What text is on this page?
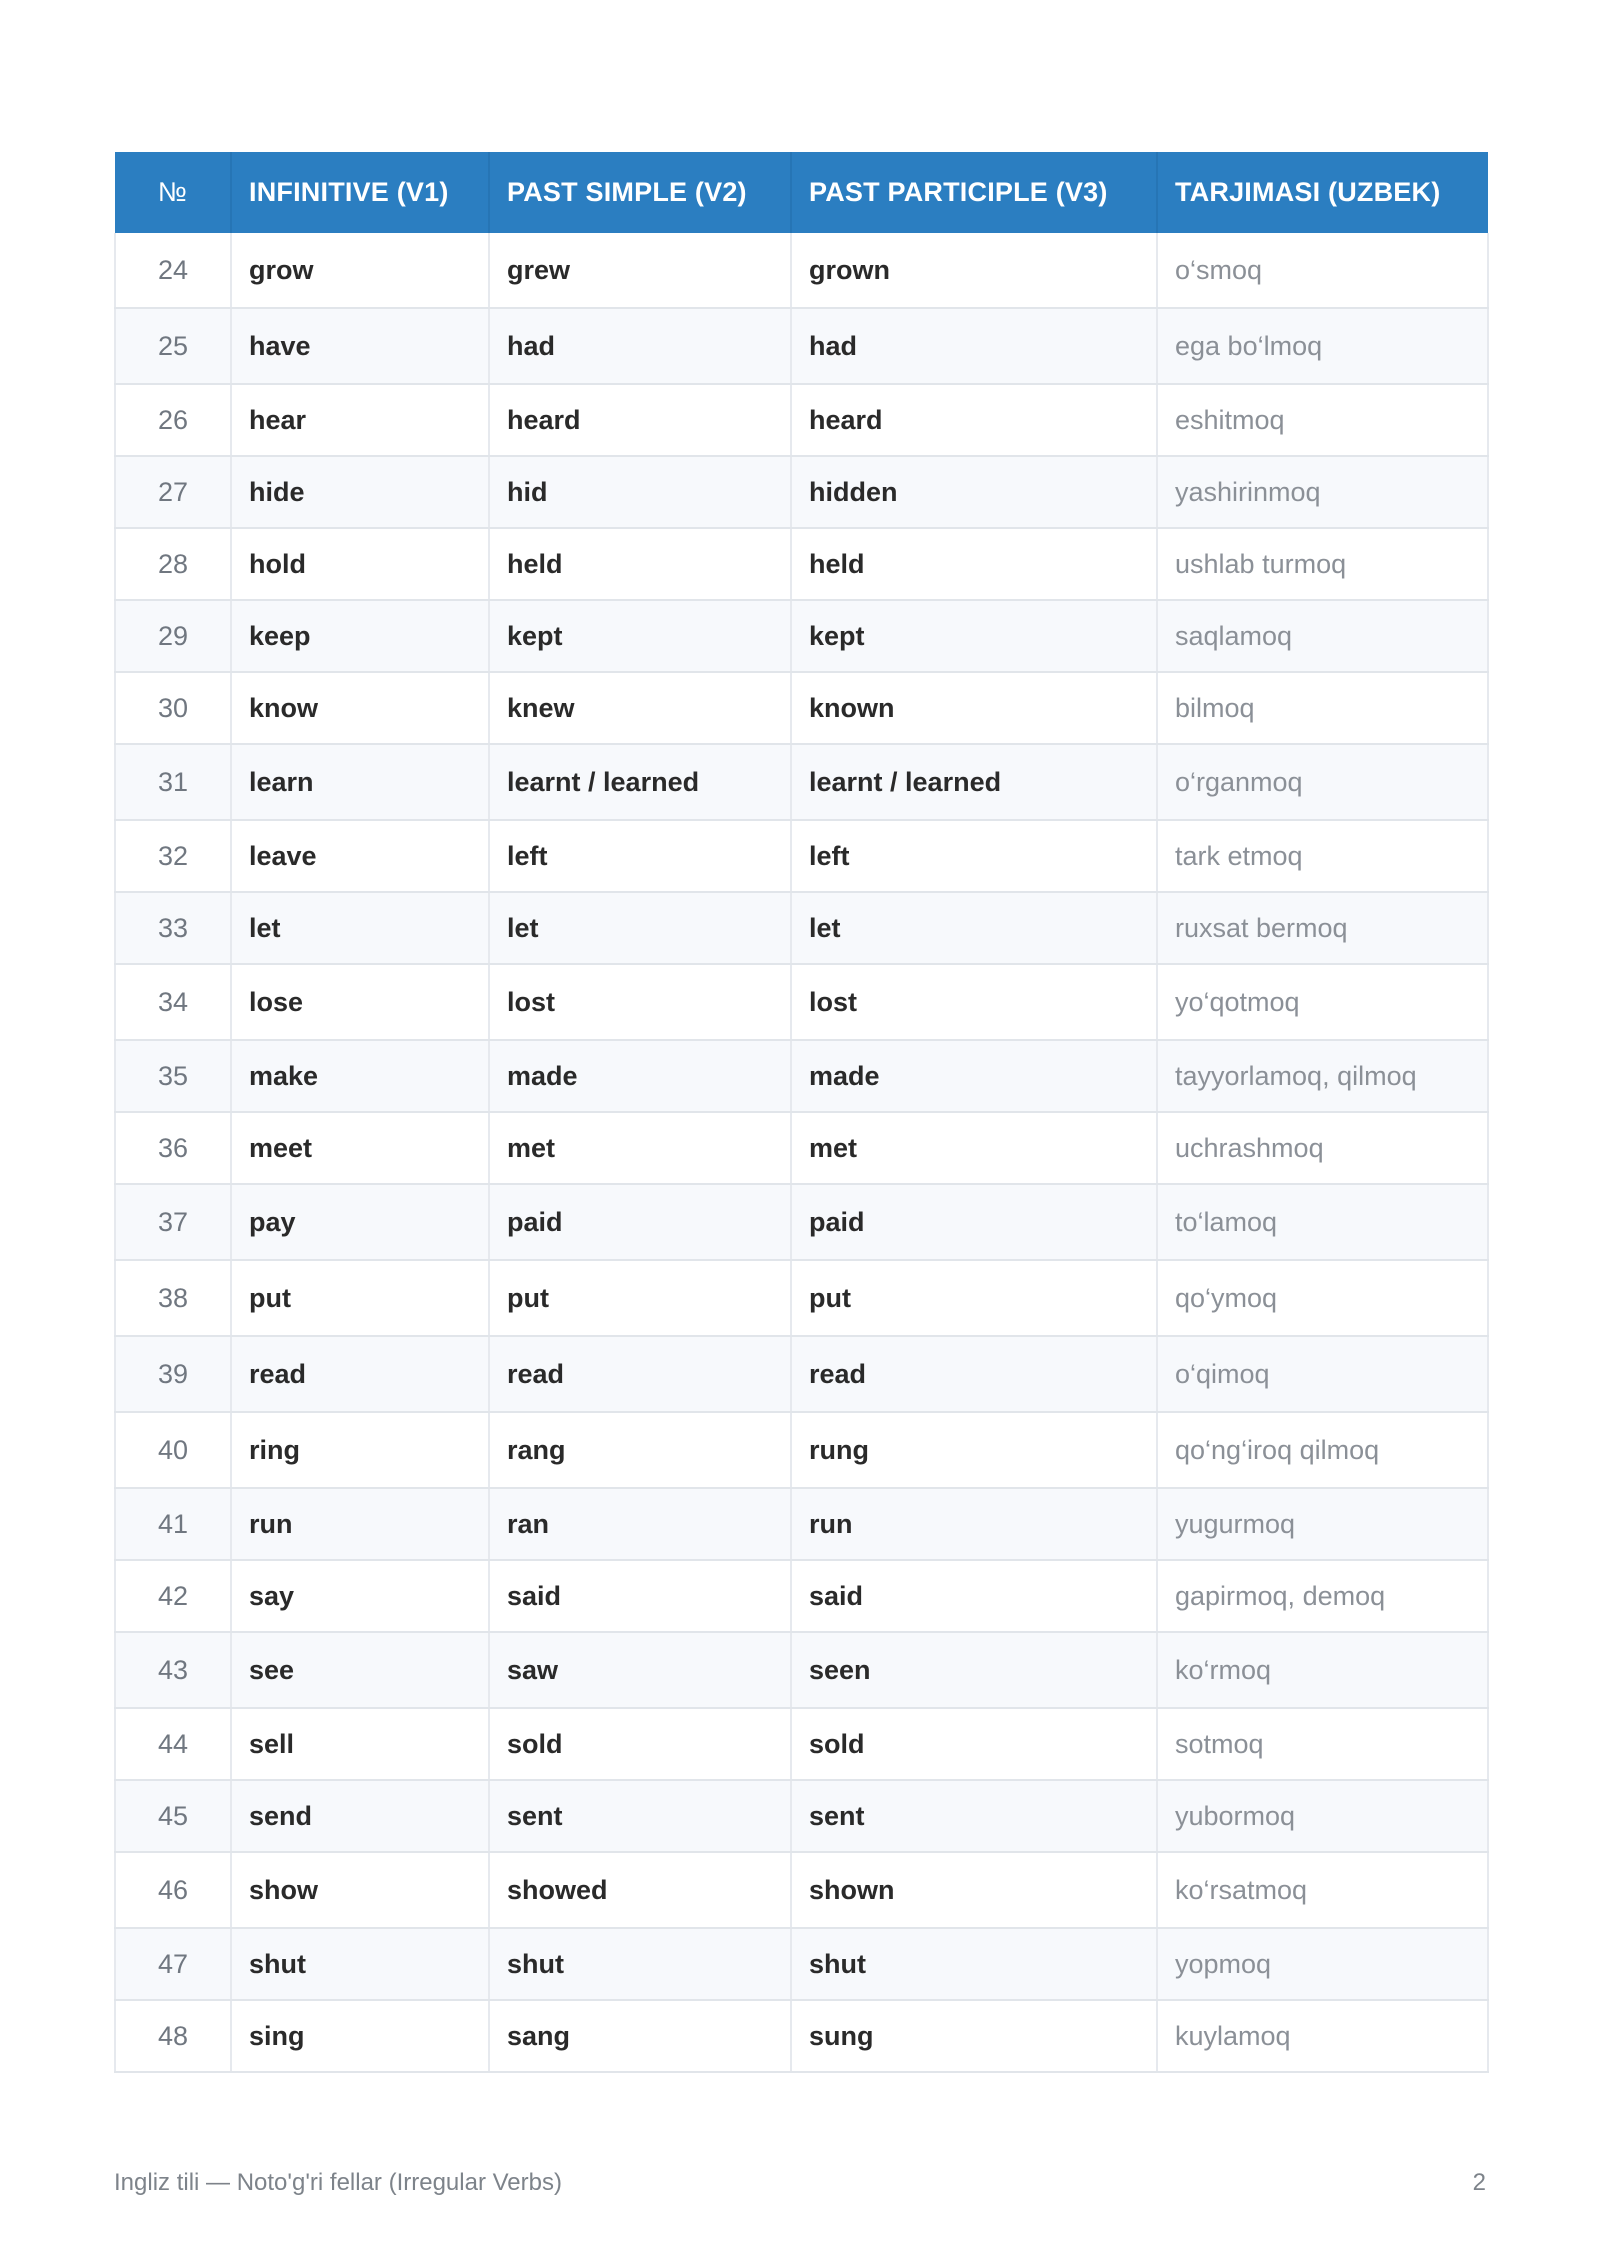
№	INFINITIVE (V1)	PAST SIMPLE (V2)	PAST PARTICIPLE (V3)	TARJIMASI (UZBEK)
24	grow	grew	grown	o‘smoq
25	have	had	had	ega bo‘lmoq
26	hear	heard	heard	eshitmoq
27	hide	hid	hidden	yashirinmoq
28	hold	held	held	ushlab turmoq
29	keep	kept	kept	saqlamoq
30	know	knew	known	bilmoq
31	learn	learnt / learned	learnt / learned	o‘rganmoq
32	leave	left	left	tark etmoq
33	let	let	let	ruxsat bermoq
34	lose	lost	lost	yo‘qotmoq
35	make	made	made	tayyorlamoq, qilmoq
36	meet	met	met	uchrashmoq
37	pay	paid	paid	to‘lamoq
38	put	put	put	qo‘ymoq
39	read	read	read	o‘qimoq
40	ring	rang	rung	qo‘ng‘iroq qilmoq
41	run	ran	run	yugurmoq
42	say	said	said	gapirmoq, demoq
43	see	saw	seen	ko‘rmoq
44	sell	sold	sold	sotmoq
45	send	sent	sent	yubormoq
46	show	showed	shown	ko‘rsatmoq
47	shut	shut	shut	yopmoq
48	sing	sang	sung	kuylamoq
Ingliz tili — Noto'g'ri fellar (Irregular Verbs)	2
